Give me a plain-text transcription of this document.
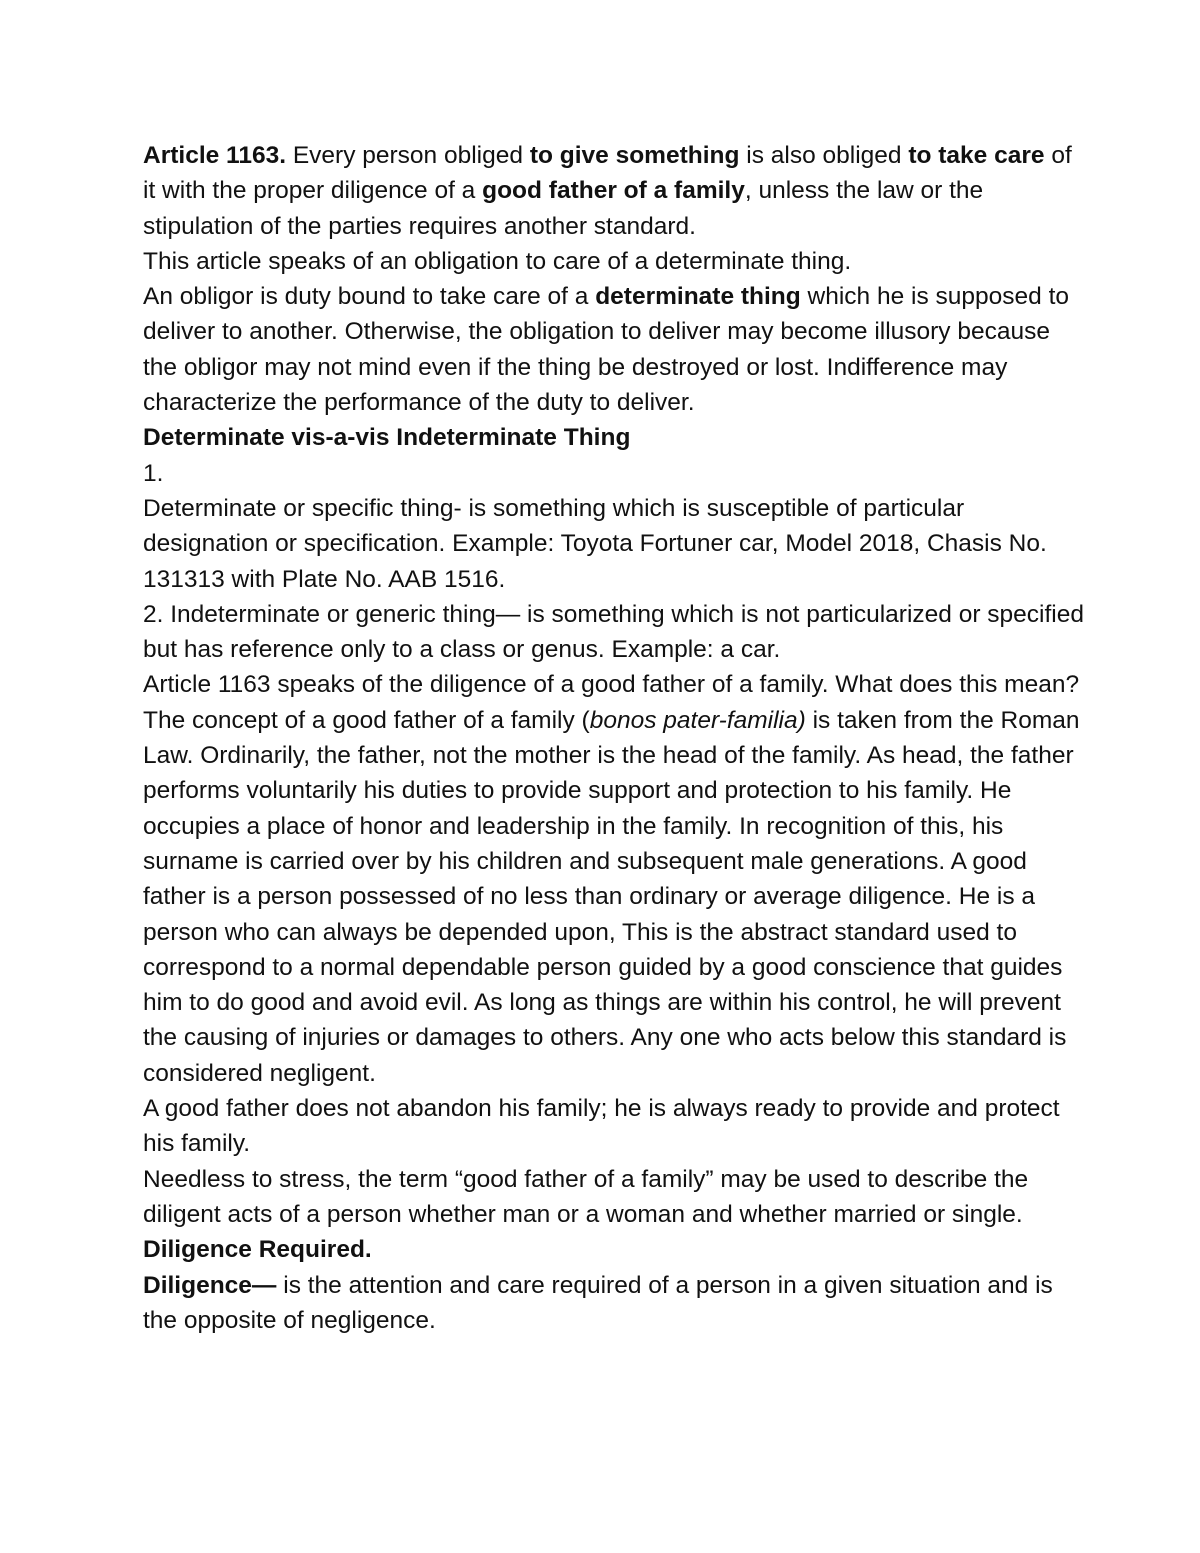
Article 1163. Every person obliged to give something is also obliged to take care of it with the proper diligence of a good father of a family, unless the law or the stipulation of the parties requires another standard.

This article speaks of an obligation to care of a determinate thing.

An obligor is duty bound to take care of a determinate thing which he is supposed to deliver to another. Otherwise, the obligation to deliver may become illusory because the obligor may not mind even if the thing be destroyed or lost. Indifference may characterize the performance of the duty to deliver.

Determinate vis-a-vis Indeterminate Thing

1.

Determinate or specific thing- is something which is susceptible of particular designation or specification. Example: Toyota Fortuner car, Model 2018, Chasis No. 131313 with Plate No. AAB 1516.

2. Indeterminate or generic thing— is something which is not particularized or specified but has reference only to a class or genus. Example: a car.

Article 1163 speaks of the diligence of a good father of a family. What does this mean?

The concept of a good father of a family (bonos pater-familia) is taken from the Roman Law. Ordinarily, the father, not the mother is the head of the family. As head, the father performs voluntarily his duties to provide support and protection to his family. He occupies a place of honor and leadership in the family. In recognition of this, his surname is carried over by his children and subsequent male generations. A good father is a person possessed of no less than ordinary or average diligence. He is a person who can always be depended upon, This is the abstract standard used to correspond to a normal dependable person guided by a good conscience that guides him to do good and avoid evil. As long as things are within his control, he will prevent the causing of injuries or damages to others. Any one who acts below this standard is considered negligent.

A good father does not abandon his family; he is always ready to provide and protect his family.

Needless to stress, the term “good father of a family” may be used to describe the diligent acts of a person whether man or a woman and whether married or single.

Diligence Required.

Diligence— is the attention and care required of a person in a given situation and is the opposite of negligence.
